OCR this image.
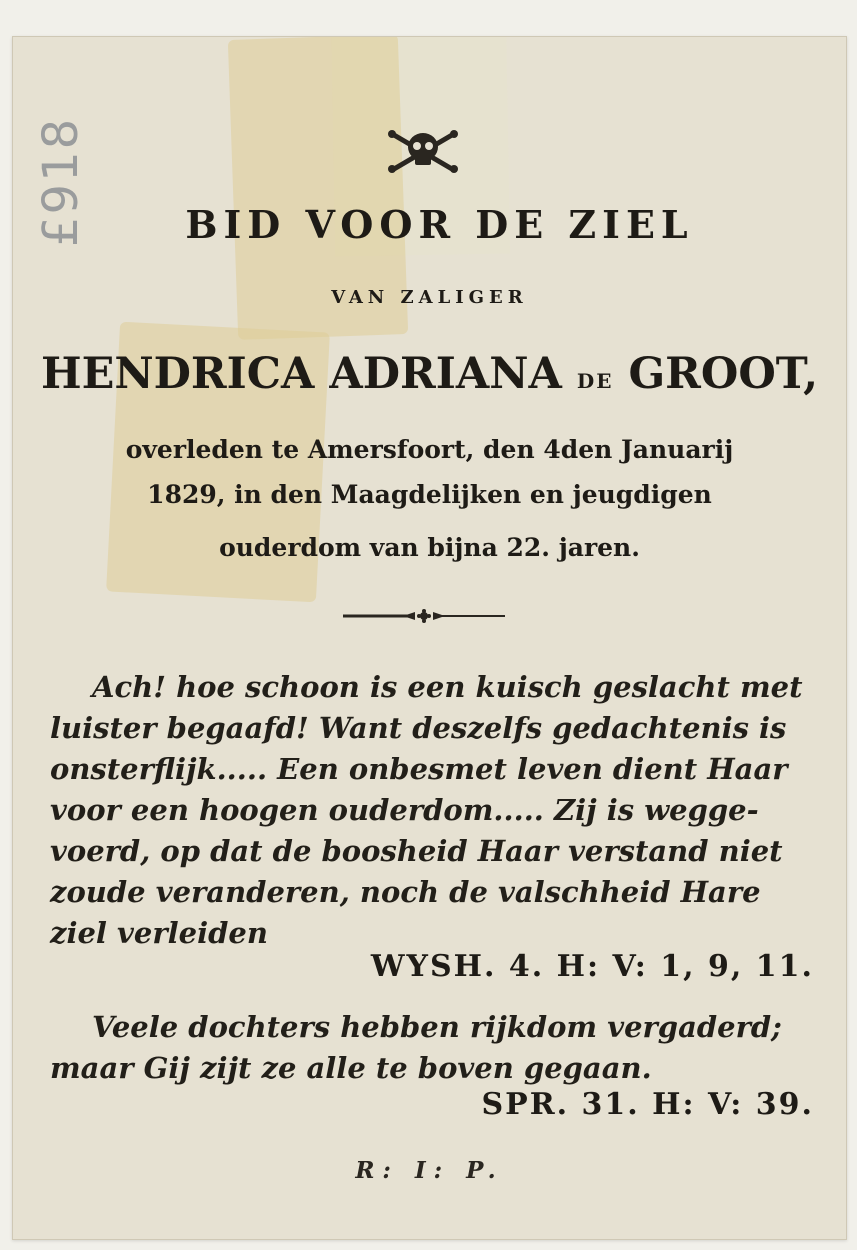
£918	BID VOOR DE ZIEL
VAN ZALIGER
HENDRICA ADRIANA DE GROOT,
overleden te Amersfoort, den 4den Januarij
1829, in den Maagdelijken en jeugdigen
ouderdom van bijna 22. jaren.
Ach! hoe schoon is een kuisch geslacht met
luister begaafd! Want deszelfs gedachtenis is
onsterflijk..... Een onbesmet leven dient Haar
voor een hoogen ouderdom..... Zij is wegge-
voerd, op dat de boosheid Haar verstand niet
zoude veranderen, noch de valschheid Hare
ziel verleiden
WYSH. 4. H: V: 1, 9, 11.
Veele dochters hebben rijkdom vergaderd;
maar Gij zijt ze alle te boven gegaan.
SPR. 31. H: V: 39.
R: I: P.
